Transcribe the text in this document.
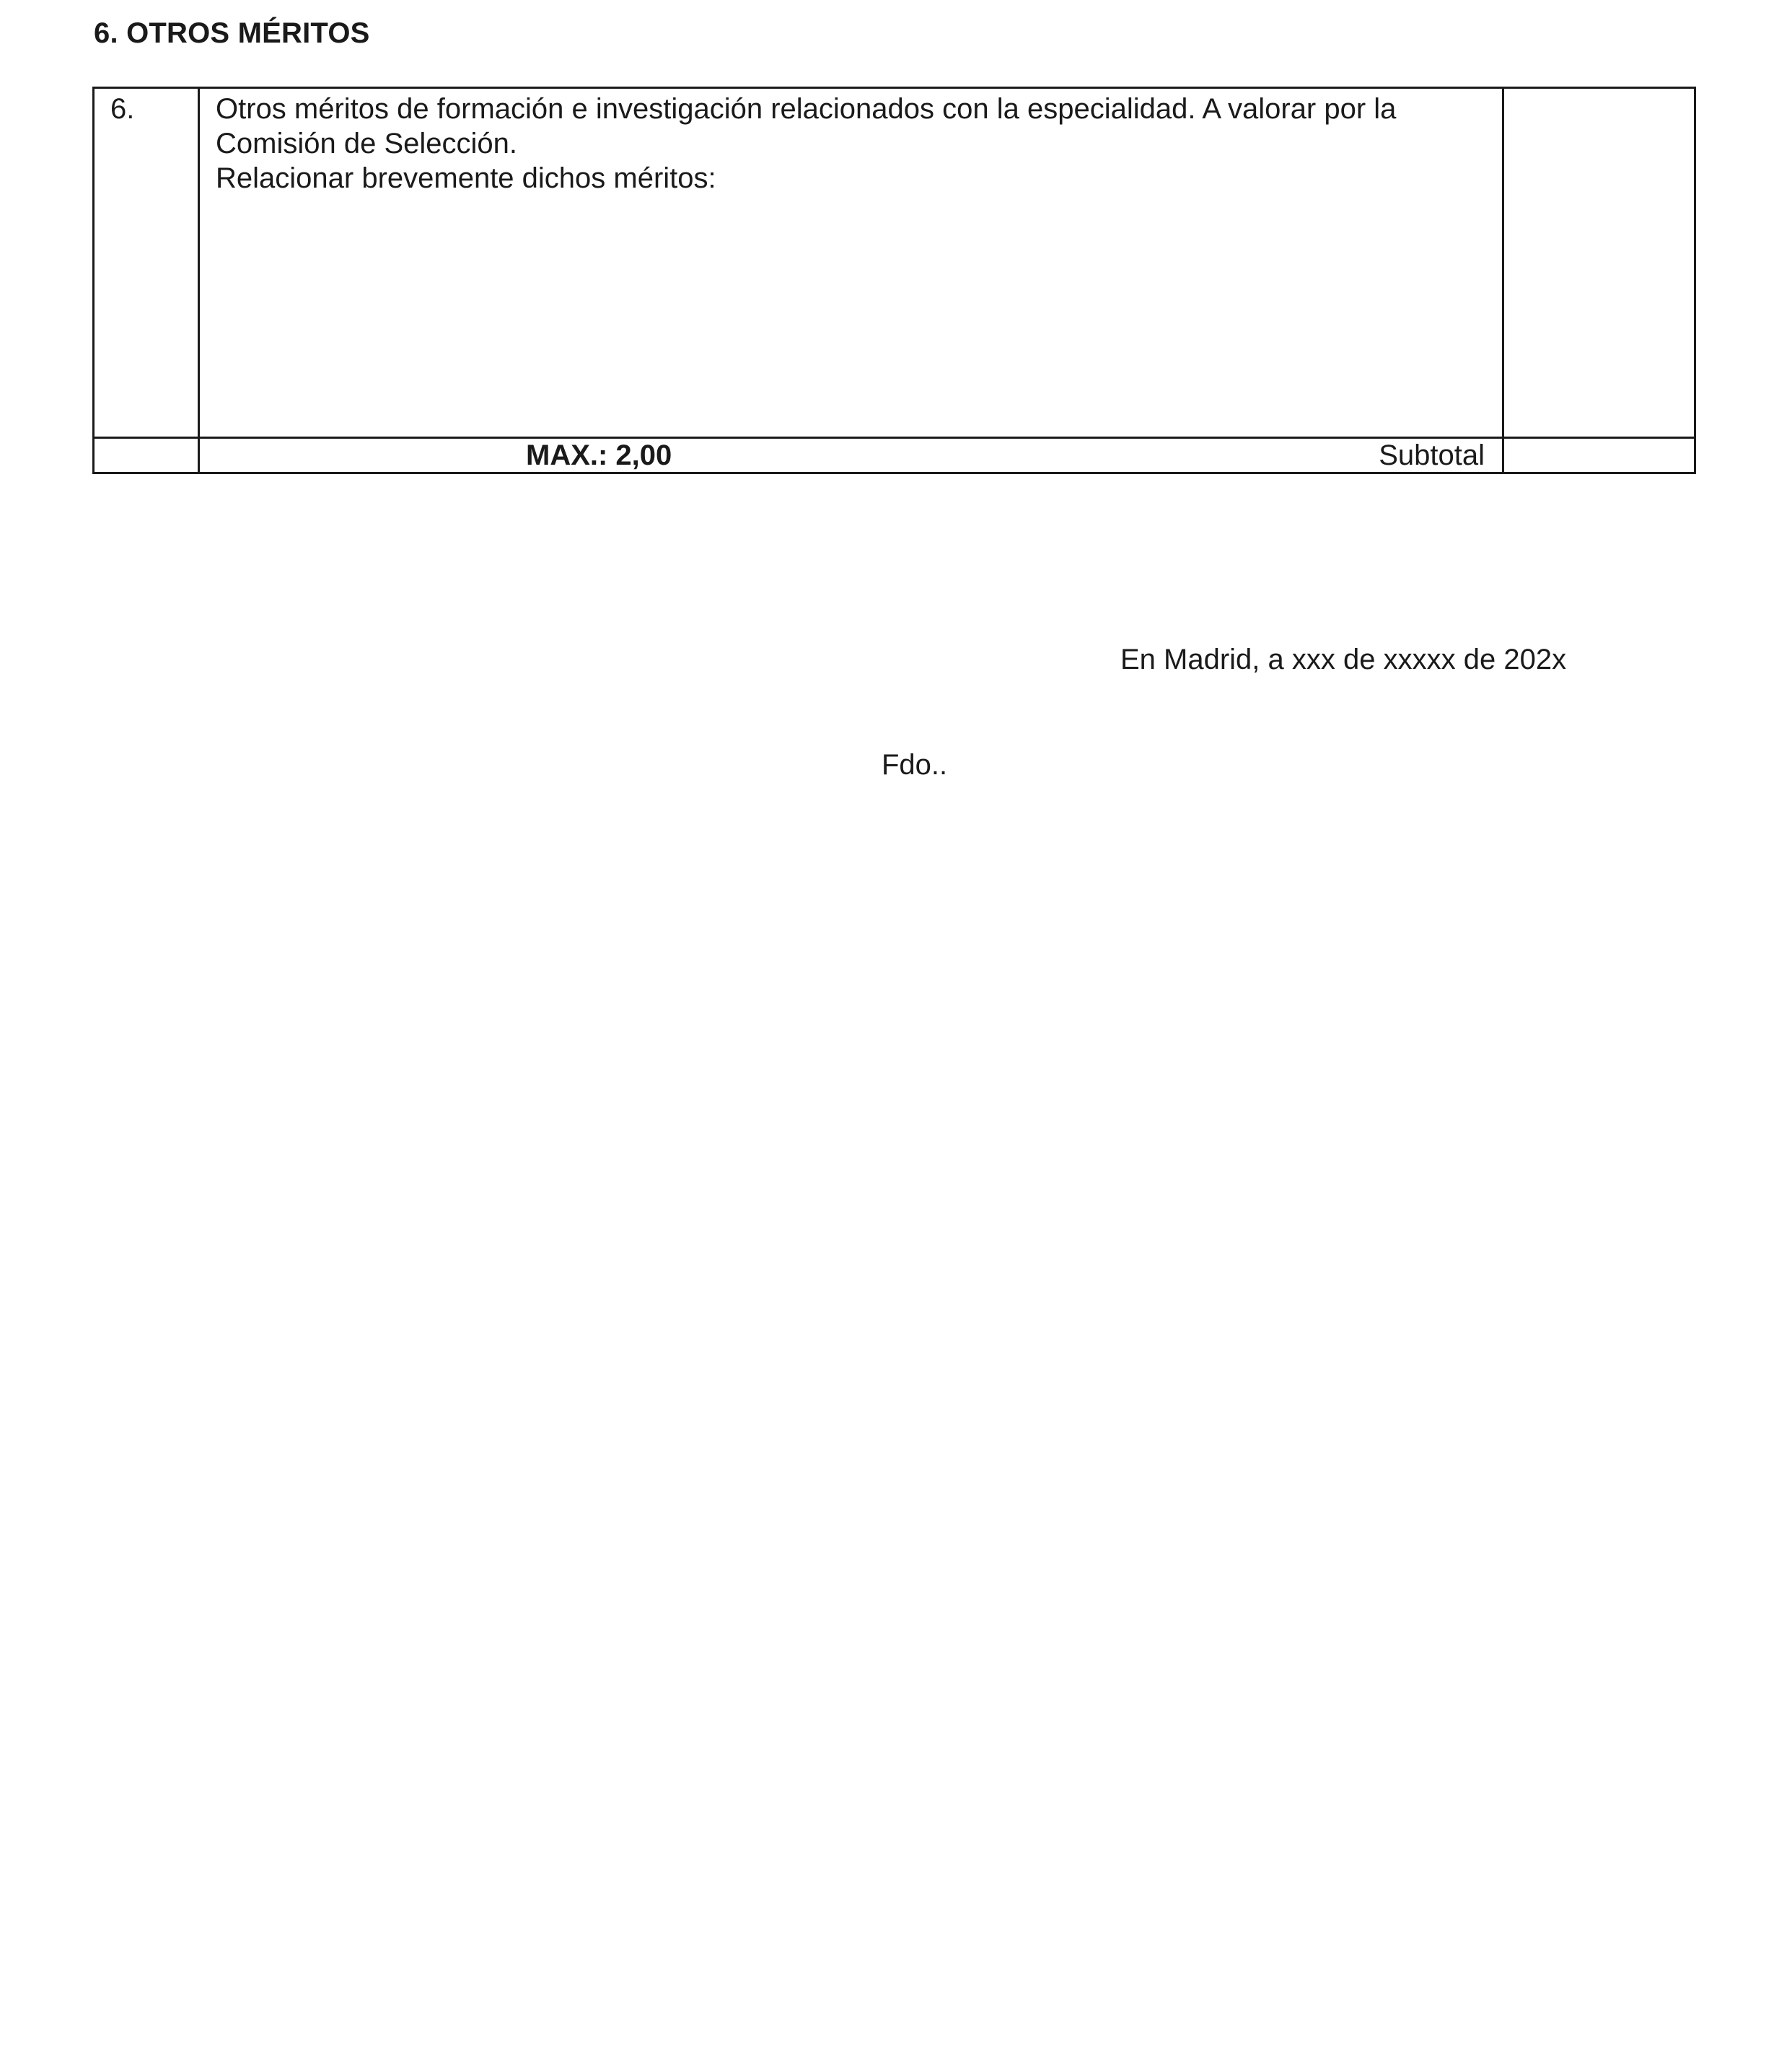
6. OTROS MÉRITOS
6.	Otros méritos de formación e investigación relacionados con la especialidad. A valorar por la
Comisión de Selección.
Relacionar brevemente dichos méritos:	

	MAX.: 2,00 Subtotal	

En Madrid, a xxx de xxxxx de 202x

Fdo..
